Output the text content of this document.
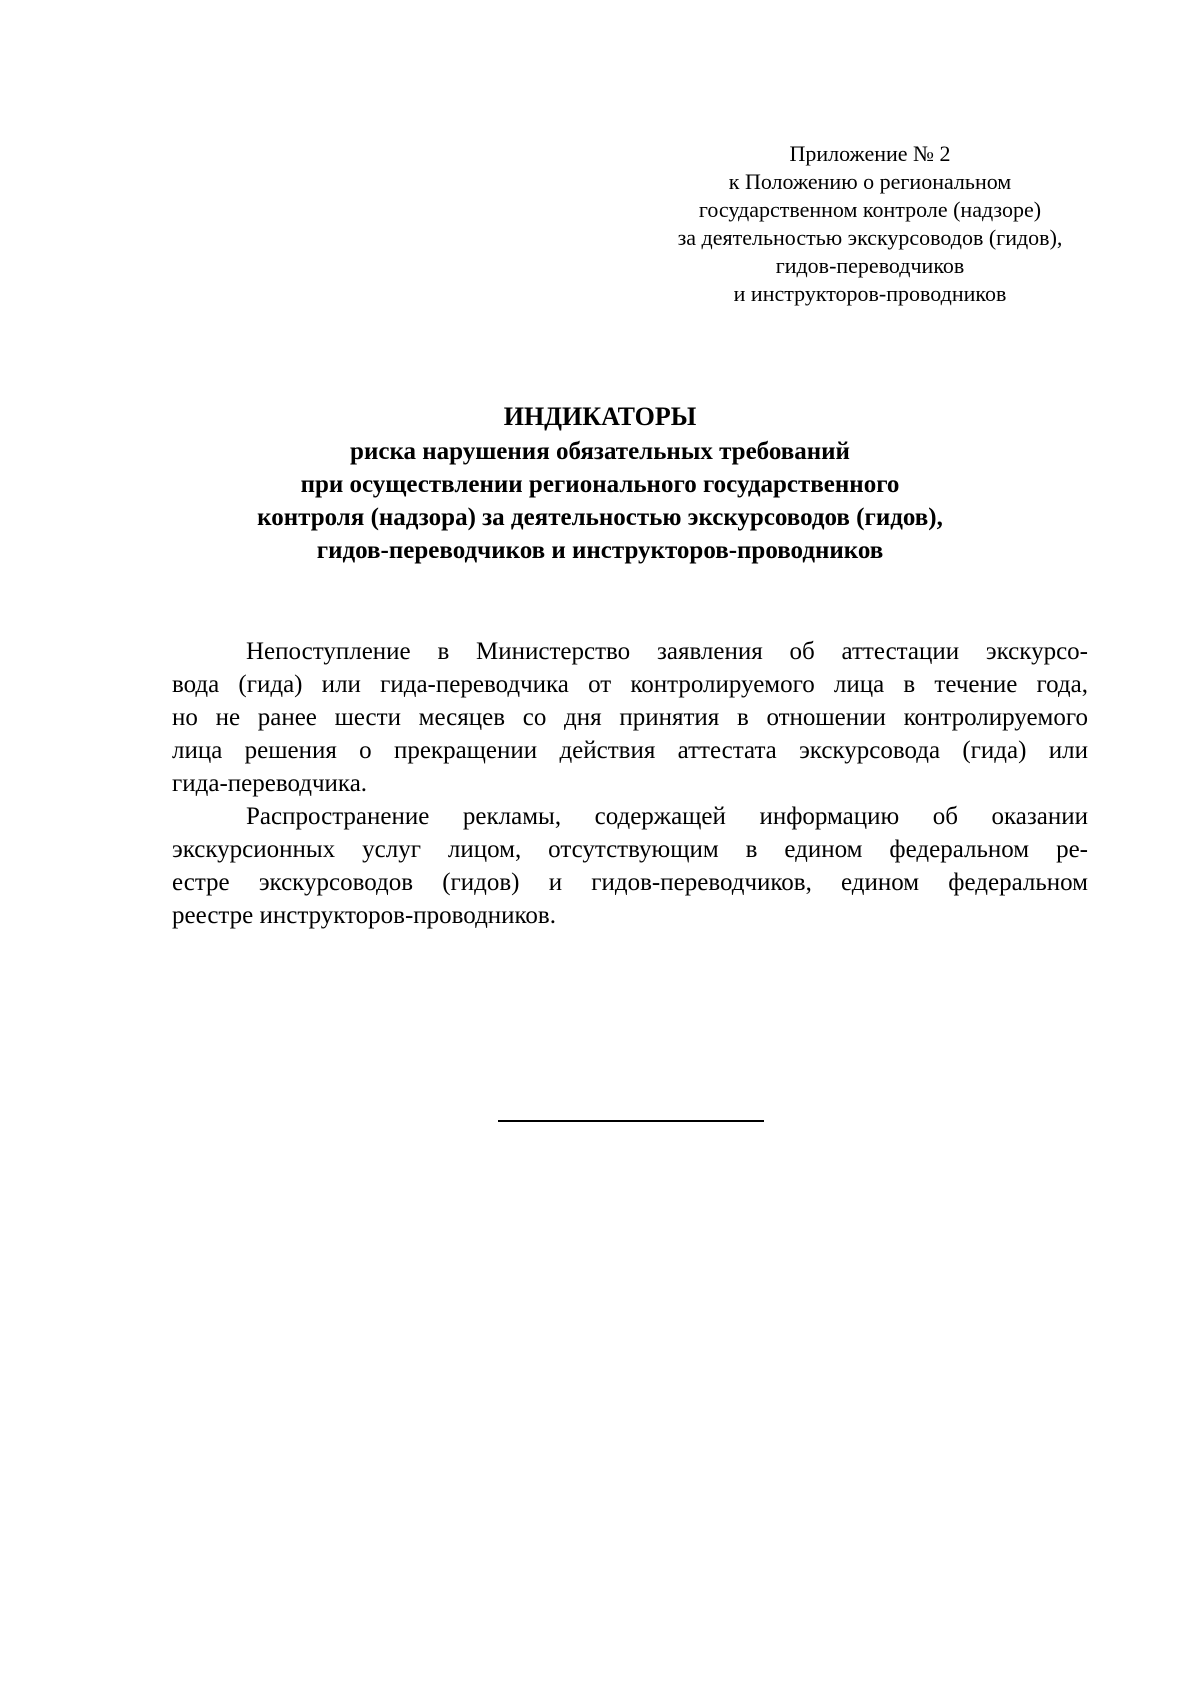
Приложение № 2
к Положению о региональном
государственном контроле (надзоре)
за деятельностью экскурсоводов (гидов),
гидов-переводчиков
и инструкторов-проводников
ИНДИКАТОРЫ
риска нарушения обязательных требований
при осуществлении регионального государственного
контроля (надзора) за деятельностью экскурсоводов (гидов),
гидов-переводчиков и инструкторов-проводников
Непоступление в Министерство заявления об аттестации экскурсо-
вода (гида) или гида-переводчика от контролируемого лица в течение года,
но не ранее шести месяцев со дня принятия в отношении контролируемого
лица решения о прекращении действия аттестата экскурсовода (гида) или
гида-переводчика.
Распространение рекламы, содержащей информацию об оказании
экскурсионных услуг лицом, отсутствующим в едином федеральном ре-
естре экскурсоводов (гидов) и гидов-переводчиков, едином федеральном
реестре инструкторов-проводников.
